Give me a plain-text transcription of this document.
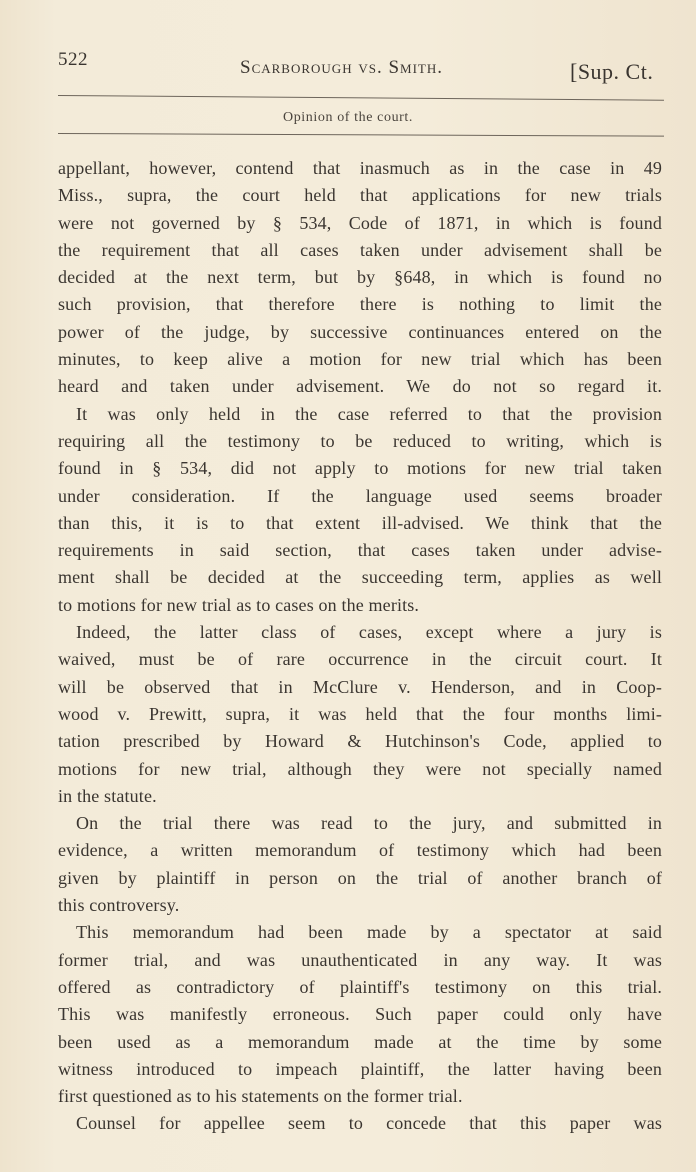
522	Scarborough vs. Smith.	[Sup. Ct.
Opinion of the court.
appellant, however, contend that inasmuch as in the case in 49
Miss., supra, the court held that applications for new trials
were not governed by § 534, Code of 1871, in which is found
the requirement that all cases taken under advisement shall be
decided at the next term, but by §648, in which is found no
such provision, that therefore there is nothing to limit the
power of the judge, by successive continuances entered on the
minutes, to keep alive a motion for new trial which has been
heard and taken under advisement. We do not so regard it.
It was only held in the case referred to that the provision
requiring all the testimony to be reduced to writing, which is
found in § 534, did not apply to motions for new trial taken
under consideration. If the language used seems broader
than this, it is to that extent ill-advised. We think that the
requirements in said section, that cases taken under advise-
ment shall be decided at the succeeding term, applies as well
to motions for new trial as to cases on the merits.
Indeed, the latter class of cases, except where a jury is
waived, must be of rare occurrence in the circuit court. It
will be observed that in McClure v. Henderson, and in Coop-
wood v. Prewitt, supra, it was held that the four months limi-
tation prescribed by Howard & Hutchinson's Code, applied to
motions for new trial, although they were not specially named
in the statute.
On the trial there was read to the jury, and submitted in
evidence, a written memorandum of testimony which had been
given by plaintiff in person on the trial of another branch of
this controversy.
This memorandum had been made by a spectator at said
former trial, and was unauthenticated in any way. It was
offered as contradictory of plaintiff's testimony on this trial.
This was manifestly erroneous. Such paper could only have
been used as a memorandum made at the time by some
witness introduced to impeach plaintiff, the latter having been
first questioned as to his statements on the former trial.
Counsel for appellee seem to concede that this paper was
